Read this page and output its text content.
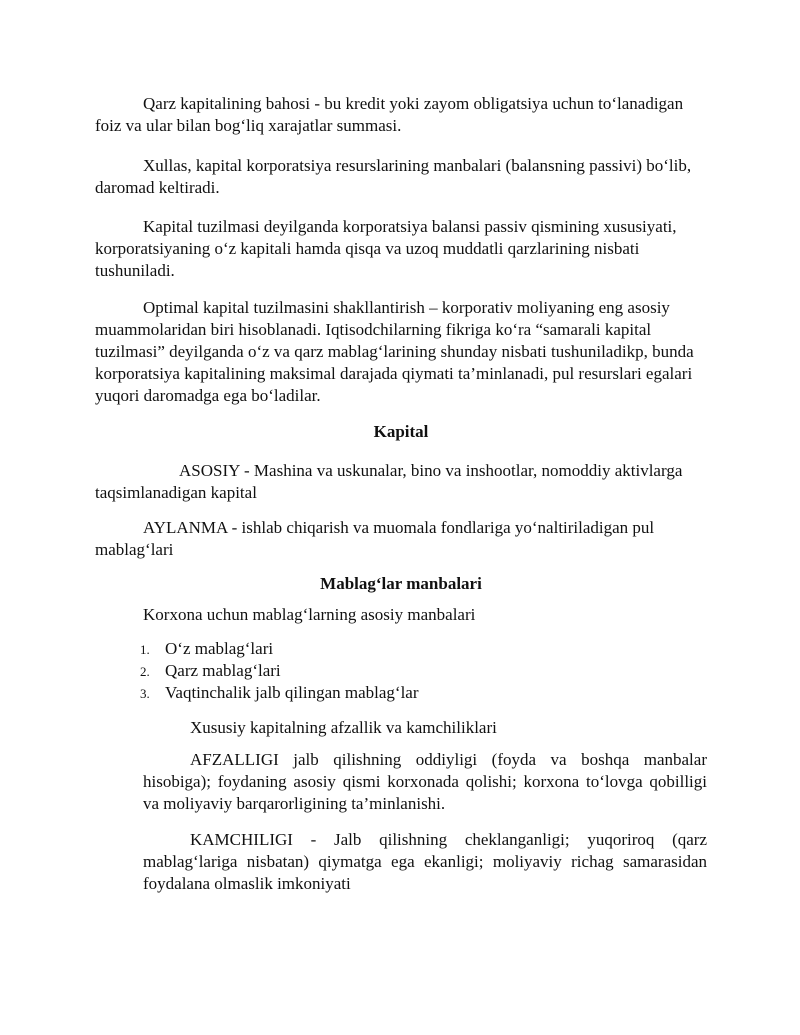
Qarz kapitalining bahosi - bu kredit yoki zayom obligatsiya uchun to‘lanadigan foiz va ular bilan bog‘liq xarajatlar summasi.

Xullas, kapital korporatsiya resurslarining manbalari (balansning passivi) bo‘lib, daromad keltiradi.

Kapital tuzilmasi deyilganda korporatsiya balansi passiv qismining xususiyati, korporatsiyaning o‘z kapitali hamda qisqa va uzoq muddatli qarzlarining nisbati tushuniladi.

Optimal kapital tuzilmasini shakllantirish – korporativ moliyaning eng asosiy muammolaridan biri hisoblanadi. Iqtisodchilarning fikriga ko‘ra “samarali kapital tuzilmasi” deyilganda o‘z va qarz mablag‘larining shunday nisbati tushuniladikp, bunda korporatsiya kapitalining maksimal darajada qiymati ta’minlanadi, pul resurslari egalari yuqori daromadga ega bo‘ladilar.

Kapital

ASOSIY - Mashina va uskunalar, bino va inshootlar, nomoddiy aktivlarga taqsimlanadigan kapital

AYLANMA - ishlab chiqarish va muomala fondlariga yo‘naltiriladigan pul mablag‘lari

Mablag‘lar manbalari

Korxona uchun mablag‘larning asosiy manbalari

1. O‘z mablag‘lari
2. Qarz mablag‘lari
3. Vaqtinchalik jalb qilingan mablag‘lar

Xususiy kapitalning afzallik va kamchiliklari

AFZALLIGI jalb qilishning oddiyligi (foyda va boshqa manbalar hisobiga); foydaning asosiy qismi korxonada qolishi; korxona to‘lovga qobilligi va moliyaviy barqarorligining ta’minlanishi.

KAMCHILIGI - Jalb qilishning cheklanganligi; yuqoriroq (qarz mablag‘lariga nisbatan) qiymatga ega ekanligi; moliyaviy richag samarasidan foydalana olmaslik imkoniyati
